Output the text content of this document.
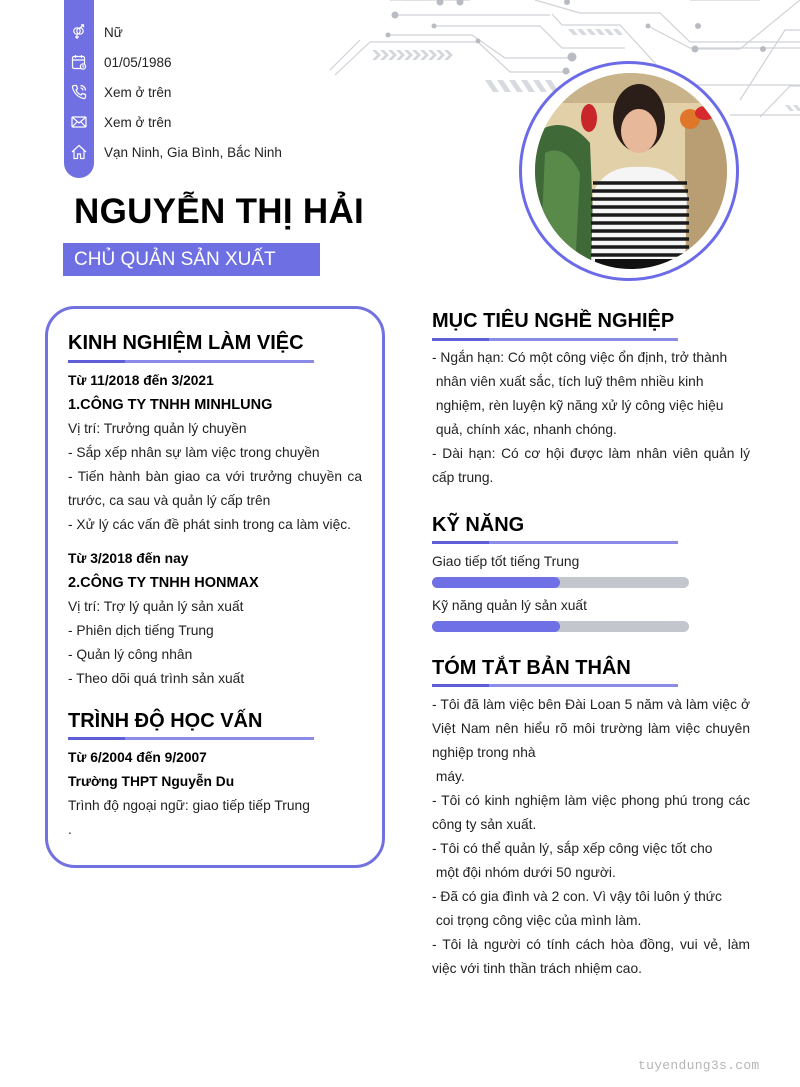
Nữ
01/05/1986
Xem ở trên
Xem ở trên
Vạn Ninh, Gia Bình, Bắc Ninh
NGUYỄN THỊ HẢI
CHỦ QUẢN SẢN XUẤT
KINH NGHIỆM LÀM VIỆC
Từ 11/2018 đến 3/2021
1.CÔNG TY TNHH MINHLUNG
Vị trí: Trưởng quản lý chuyền
- Sắp xếp nhân sự làm việc trong chuyền
- Tiến hành bàn giao ca với trưởng chuyền ca
trước, ca sau và quản lý cấp trên
- Xử lý các vấn đề phát sinh trong ca làm việc.
Từ 3/2018 đến nay
2.CÔNG TY TNHH HONMAX
Vị trí: Trợ lý quản lý sản xuất
- Phiên dịch tiếng Trung
- Quản lý công nhân
- Theo dõi quá trình sản xuất
TRÌNH ĐỘ HỌC VẤN
Từ 6/2004 đến 9/2007
Trường THPT Nguyễn Du
Trình độ ngoại ngữ: giao tiếp tiếp Trung
.
MỤC TIÊU NGHỀ NGHIỆP
- Ngắn hạn: Có một công việc ổn định, trở thành
nhân viên xuất sắc, tích luỹ thêm nhiều kinh
nghiệm, rèn luyện kỹ năng xử lý công việc hiệu
quả, chính xác, nhanh chóng.
- Dài hạn: Có cơ hội được làm nhân viên quản lý
cấp trung.
KỸ NĂNG
Giao tiếp tốt tiếng Trung
Kỹ năng quản lý sản xuất
TÓM TẮT BẢN THÂN
- Tôi đã làm việc bên Đài Loan 5 năm và làm việc ở
Việt Nam nên hiểu rõ môi trường làm việc chuyên
nghiệp trong nhà
máy.
- Tôi có kinh nghiệm làm việc phong phú trong các
công ty sản xuất.
- Tôi có thể quản lý, sắp xếp công việc tốt cho
một đội nhóm dưới 50 người.
- Đã có gia đình và 2 con. Vì vậy tôi luôn ý thức
coi trọng công việc của mình làm.
- Tôi là người có tính cách hòa đồng, vui vẻ, làm
việc với tinh thần trách nhiệm cao.
tuyendung3s.com
